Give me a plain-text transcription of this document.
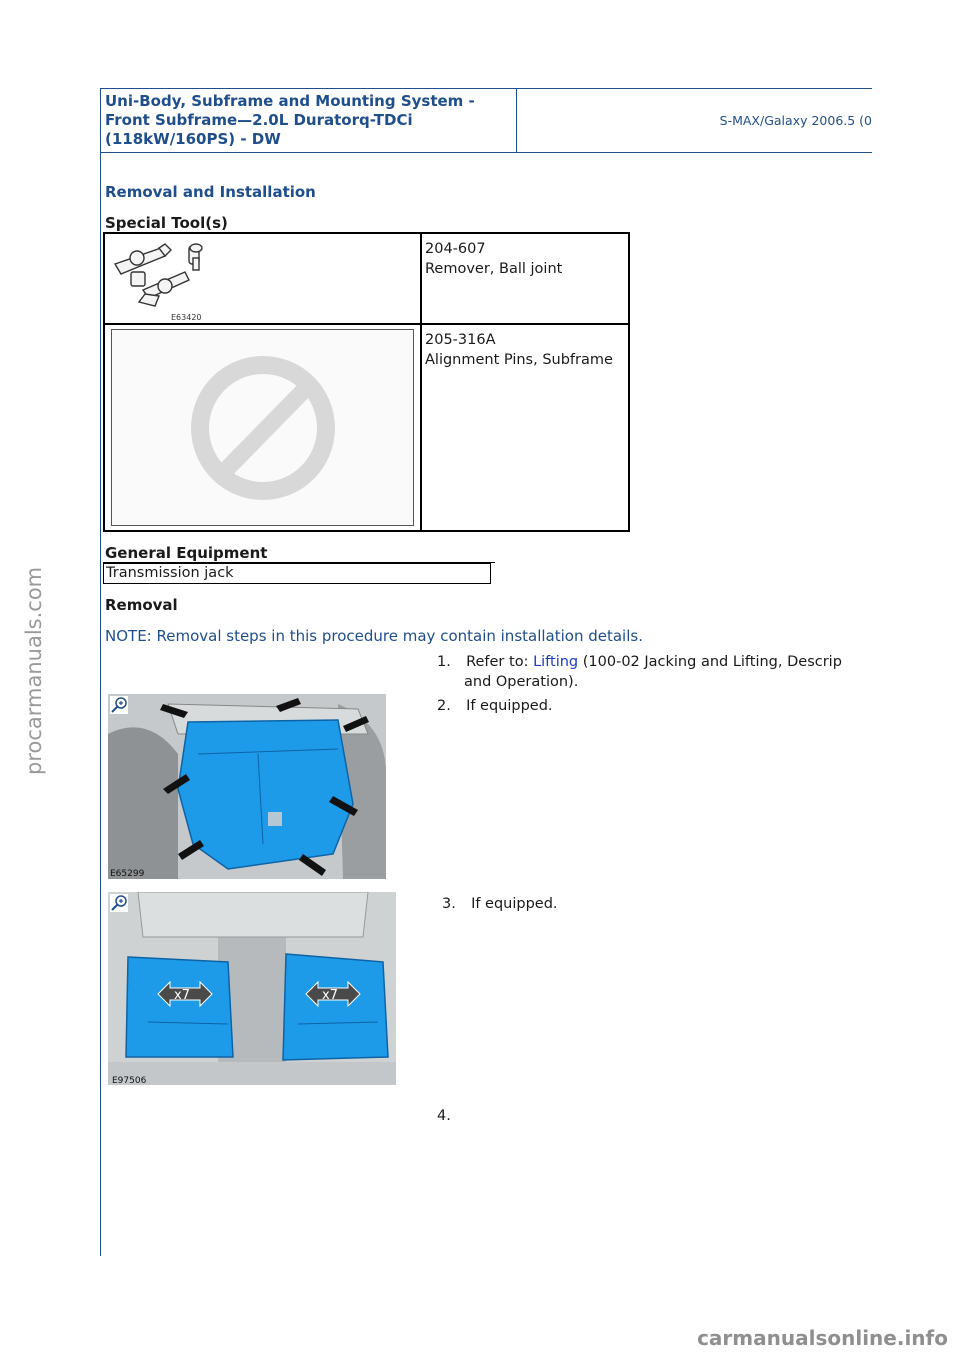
Uni-Body, Subframe and Mounting System -
Front Subframe—2.0L Duratorq-TDCi
(118kW/160PS) - DW
S-MAX/Galaxy 2006.5 (0
Removal and Installation
Special Tool(s)
E63420
204-607
Remover, Ball joint
205-316A
Alignment Pins, Subframe
General Equipment
Transmission jack
Removal
NOTE: Removal steps in this procedure may contain installation details.
1. Refer to: Lifting (100-02 Jacking and Lifting, Descrip
and Operation).
2. If equipped.
E65299
3. If equipped.
x7	x7
E97506
4.
procarmanuals.com
carmanualsonline.info
